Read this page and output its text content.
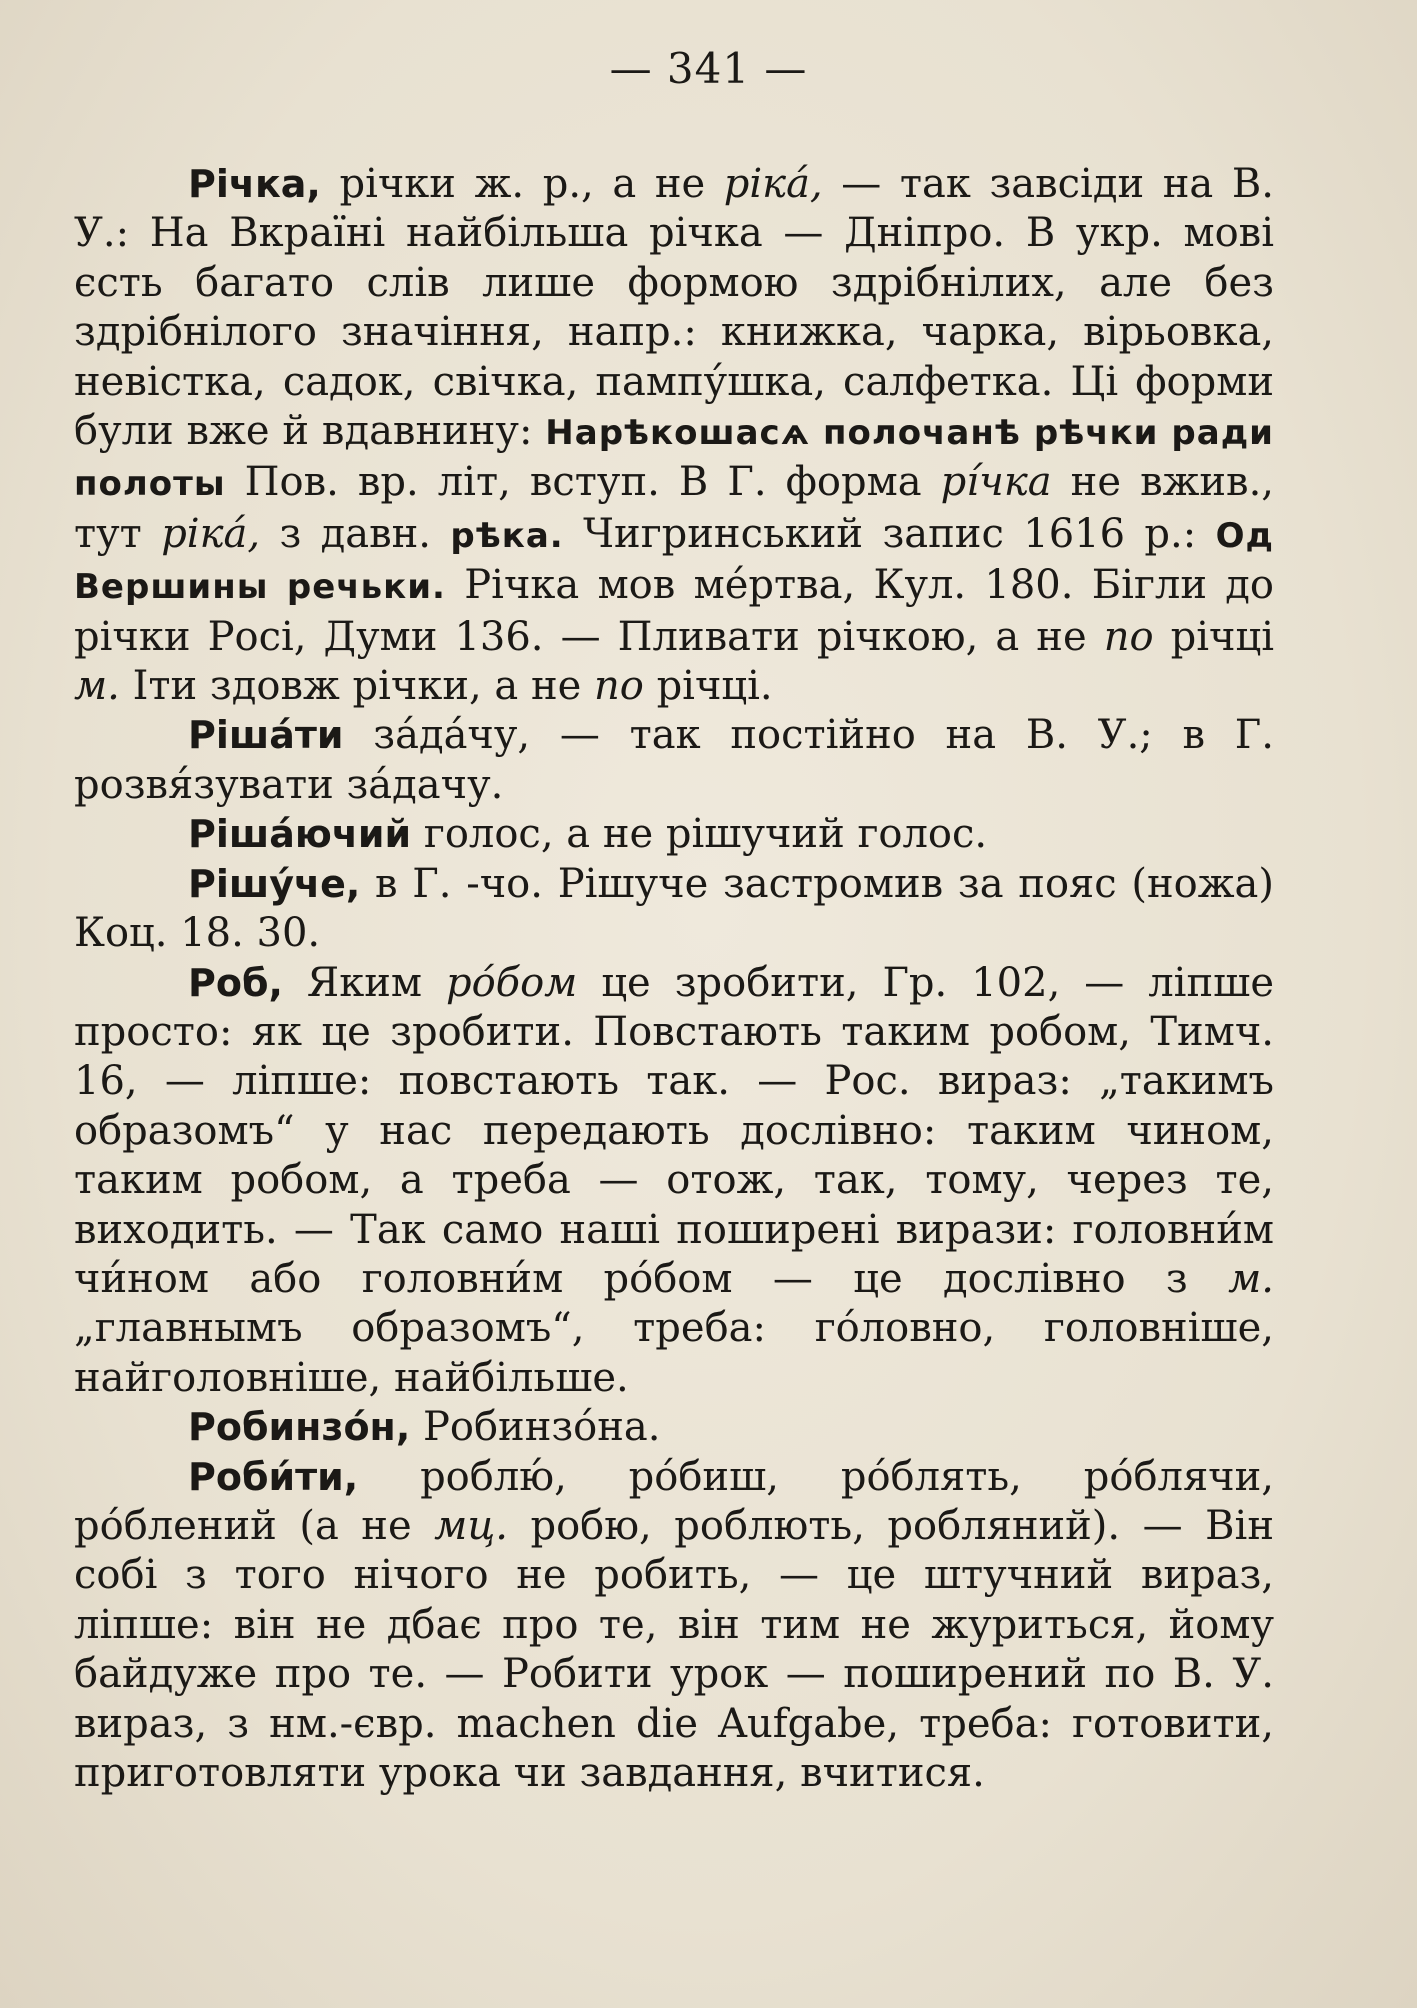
— 341 —

Річка, річки ж. р., а не ріка́, — так завсіди на В. У.: На Вкраїні найбільша річка — Дніпро. В укр. мові єсть багато слів лише формою здрібнілих, але без здрібнілого значіння, напр.: книжка, чарка, вірьовка, невістка, садок, свічка, пампу́шка, салфетка. Ці форми були вже й вдавнину: Нарѣкошасѧ полочанѣ рѣчки ради полоты Пов. вр. літ, вступ. В Г. форма рі́чка не вжив., тут ріка́, з давн. рѣка. Чигринський запис 1616 р.: Од Вершины речьки. Річка мов ме́ртва, Кул. 180. Бігли до річки Росі, Думи 136. — Пливати річкою, а не по річці м. Іти здовж річки, а не по річці.

Рішáти зáдáчу, — так постійно на В. У.; в Г. розвя́зувати зáдачу.

Рішáючий голос, а не рішучий голос.

Рішу́че, в Г. -чо. Рішуче застромив за пояс (ножа) Коц. 18. 30.

Роб, Яким рóбом це зробити, Гр. 102, — ліпше просто: як це зробити. Повстають таким робом, Тимч. 16, — ліпше: повстають так. — Рос. вираз: „такимъ образомъ“ у нас передають дослівно: таким чином, таким робом, а треба — отож, так, тому, через те, виходить. — Так само наші поширені вирази: головни́м чи́ном або головни́м рóбом — це дослівно з м. „главнымъ образомъ“, треба: гóловно, головніше, найголовніше, найбільше.

Робинзóн, Робинзóна.

Роби́ти, роблю́, рóбиш, рóблять, рóблячи, рóблений (а не мц. робю, роблють, робляний). — Він собі з того нічого не робить, — це штучний вираз, ліпше: він не дбає про те, він тим не журиться, йому байдуже про те. — Робити урок — поширений по В. У. вираз, з нм.-євр. machen die Aufgabe, треба: готовити, приготовляти урока чи завдання, вчитися.
